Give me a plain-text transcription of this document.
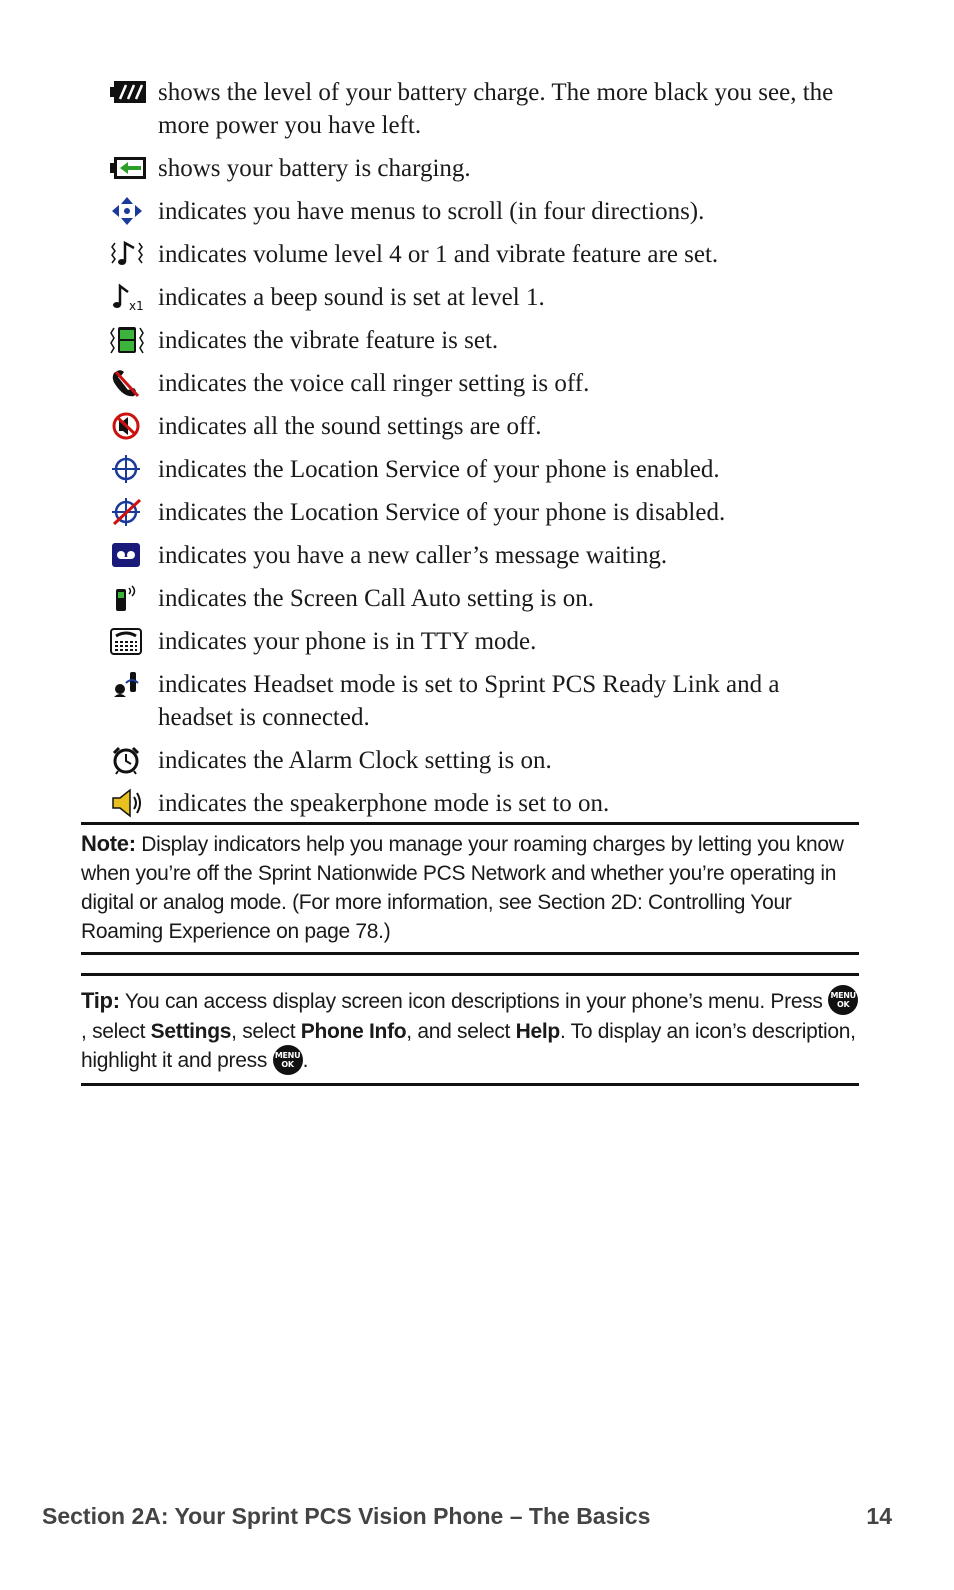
shows the level of your battery charge. The more black you see, the more power you have left.
shows your battery is charging.
indicates you have menus to scroll (in four directions).
indicates volume level 4 or 1 and vibrate feature are set.
x1 indicates a beep sound is set at level 1.
indicates the vibrate feature is set.
indicates the voice call ringer setting is off.
indicates all the sound settings are off.
indicates the Location Service of your phone is enabled.
indicates the Location Service of your phone is disabled.
indicates you have a new caller’s message waiting.
indicates the Screen Call Auto setting is on.
indicates your phone is in TTY mode.
indicates Headset mode is set to Sprint PCS Ready Link and a headset is connected.
indicates the Alarm Clock setting is on.
indicates the speakerphone mode is set to on.
Note: Display indicators help you manage your roaming charges by letting you know when you’re off the Sprint Nationwide PCS Network and whether you’re operating in digital or analog mode. (For more information, see Section 2D: Controlling Your Roaming Experience on page 78.)
Tip: You can access display screen icon descriptions in your phone’s menu. Press MENU
OK, select Settings, select Phone Info, and select Help. To display an icon’s description, highlight it and press MENU
OK .
Section 2A: Your Sprint PCS Vision Phone – The Basics	14
